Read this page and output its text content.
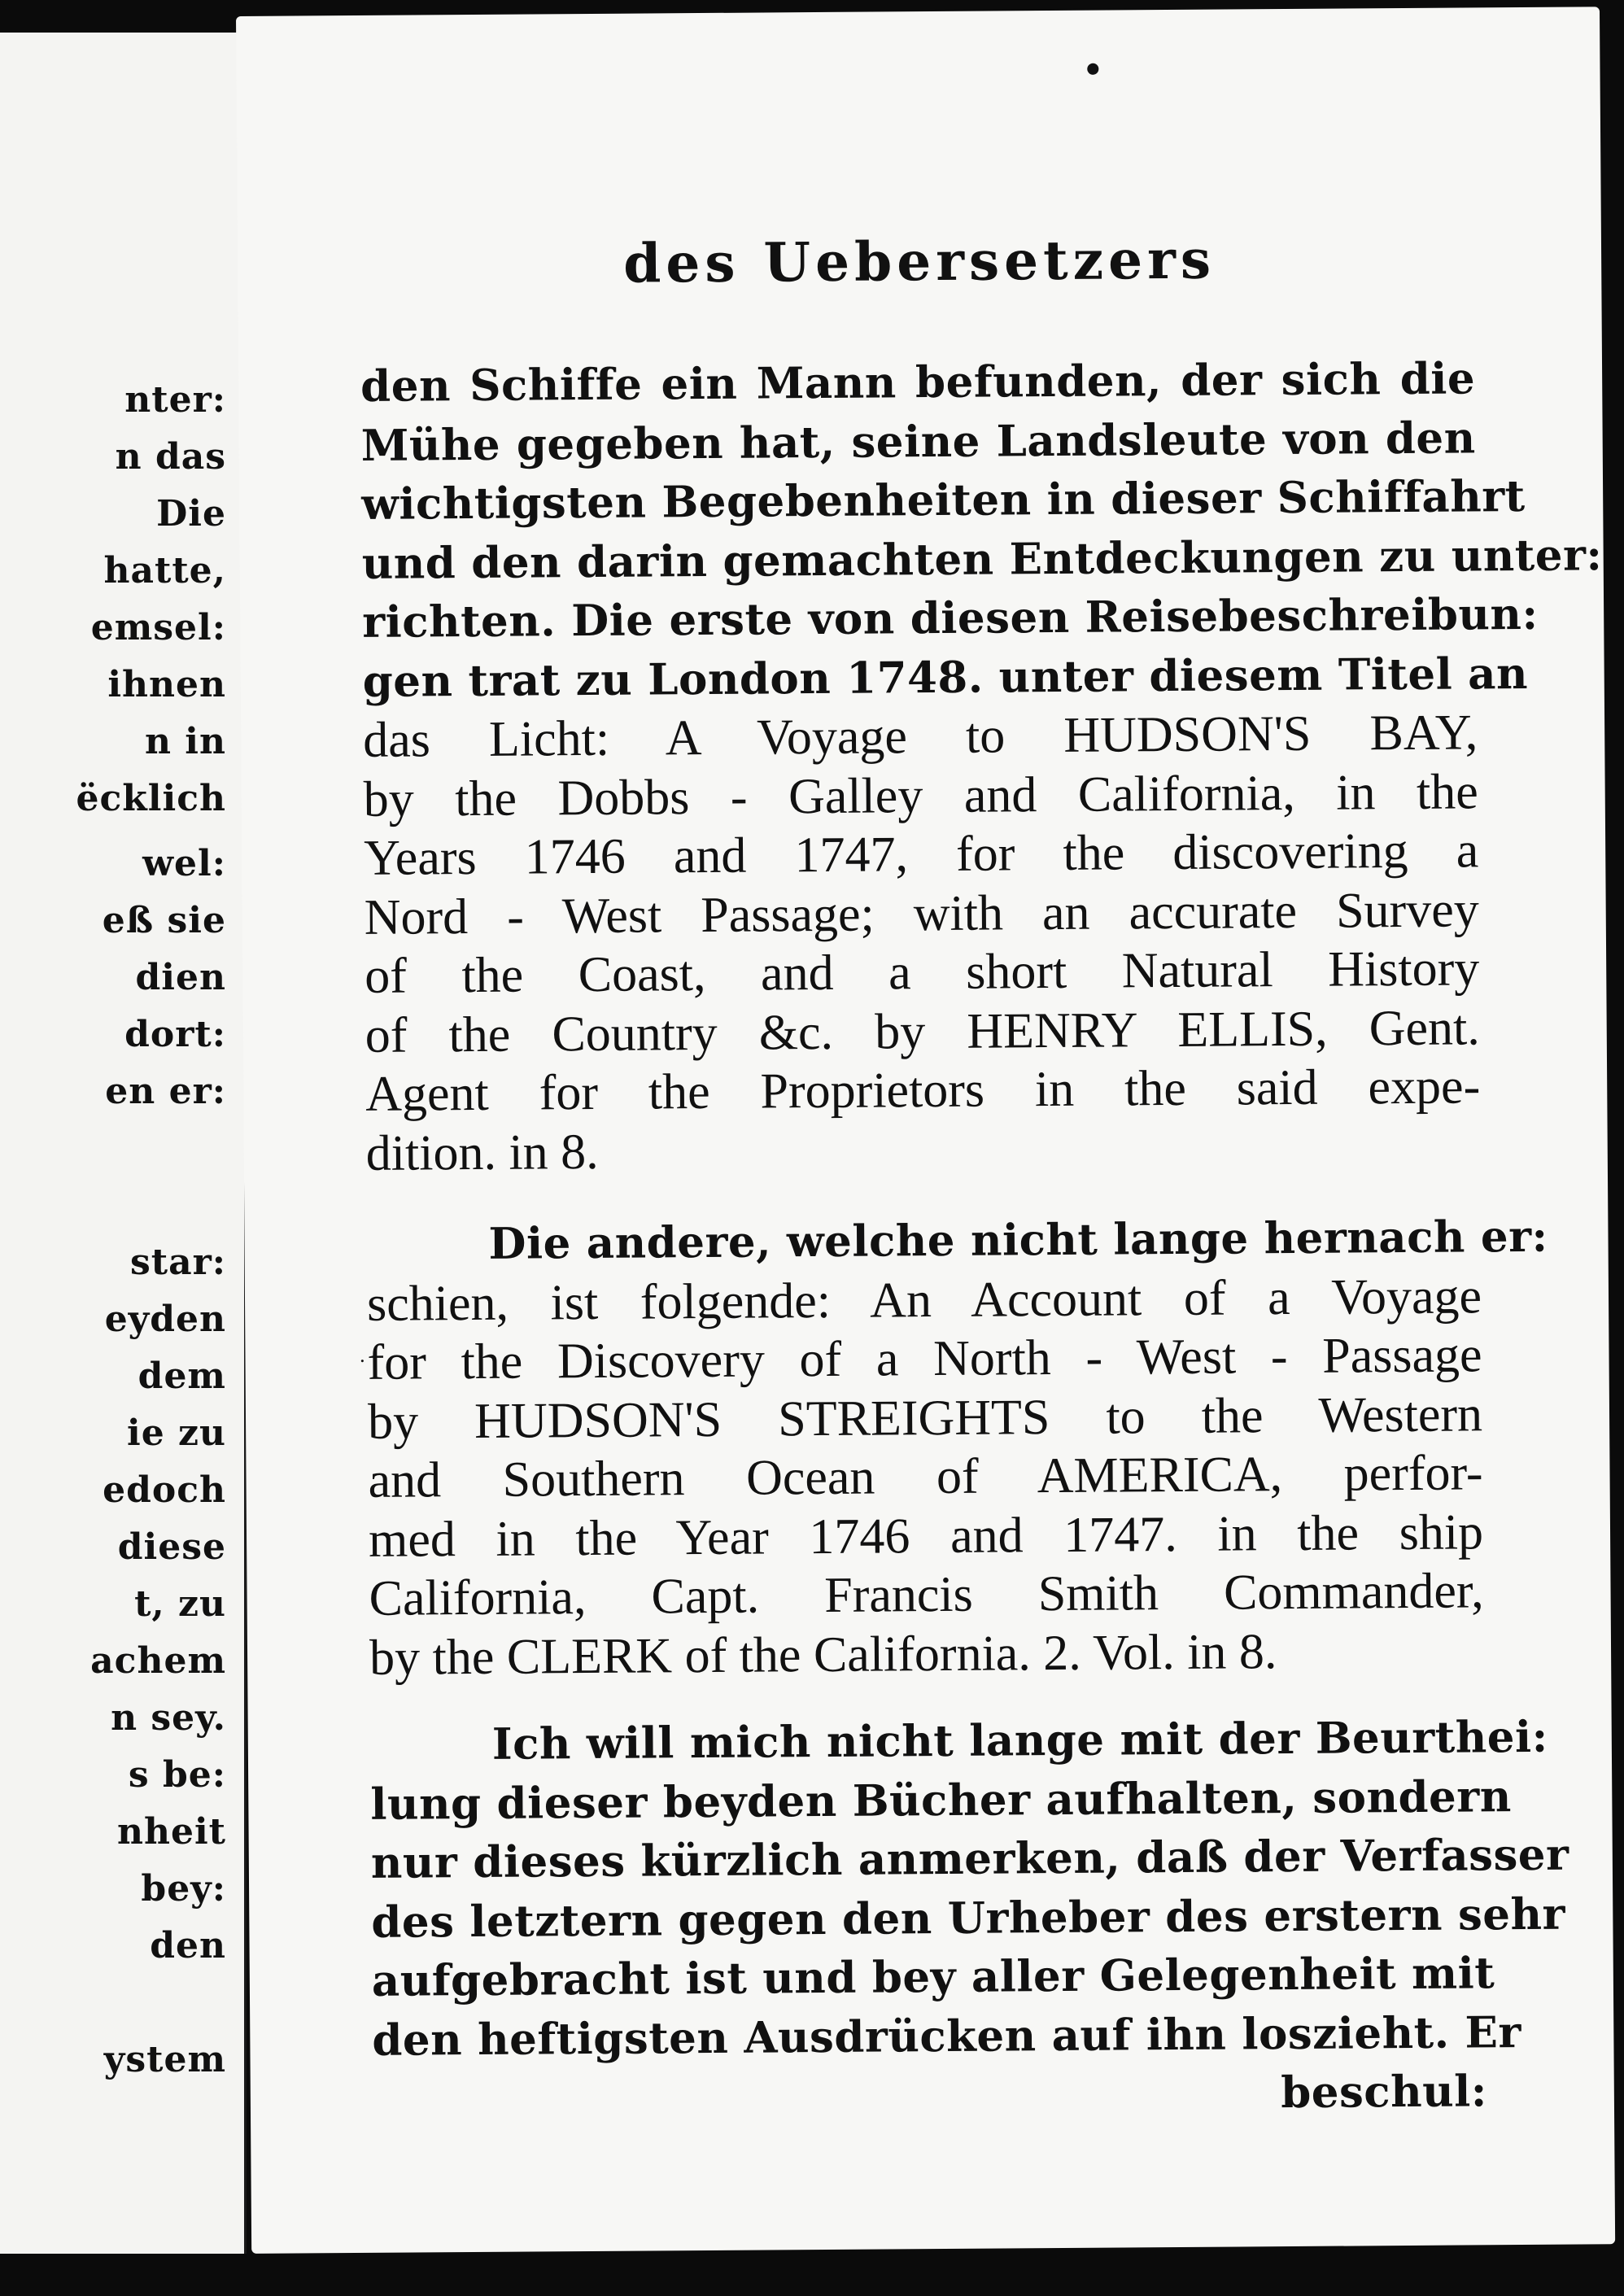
nter:
n das
Die
hatte,
emsel:
ihnen
n in
ëcklich
wel:
eß sie
dien
dort:
en er:
star:
eyden
dem
ie zu
edoch
diese
t, zu
achem
n sey.
s be:
nheit
bey:
den
ystem
•
des Uebersetzers
den Schiffe ein Mann befunden, der sich die
Mühe gegeben hat, seine Landsleute von den
wichtigsten Begebenheiten in dieser Schiffahrt
und den darin gemachten Entdeckungen zu unter:
richten. Die erste von diesen Reisebeschreibun:
gen trat zu London 1748. unter diesem Titel an
das Licht: A Voyage to HUDSON'S BAY,
by the Dobbs - Galley and California, in the
Years 1746 and 1747, for the discovering a
Nord - West Passage; with an accurate Survey
of the Coast, and a short Natural History
of the Country &c. by HENRY ELLIS, Gent.
Agent for the Proprietors in the said expe-
dition. in 8.
Die andere, welche nicht lange hernach er:
schien, ist folgende: An Account of a Voyage
for the Discovery of a North - West - Passage
by HUDSON'S STREIGHTS to the Western
and Southern Ocean of AMERICA, perfor-
med in the Year 1746 and 1747. in the ship
California, Capt. Francis Smith Commander,
by the CLERK of the California. 2. Vol. in 8.
Ich will mich nicht lange mit der Beurthei:
lung dieser beyden Bücher aufhalten, sondern
nur dieses kürzlich anmerken, daß der Verfasser
des letztern gegen den Urheber des erstern sehr
aufgebracht ist und bey aller Gelegenheit mit
den heftigsten Ausdrücken auf ihn loszieht. Er
beschul:
·
